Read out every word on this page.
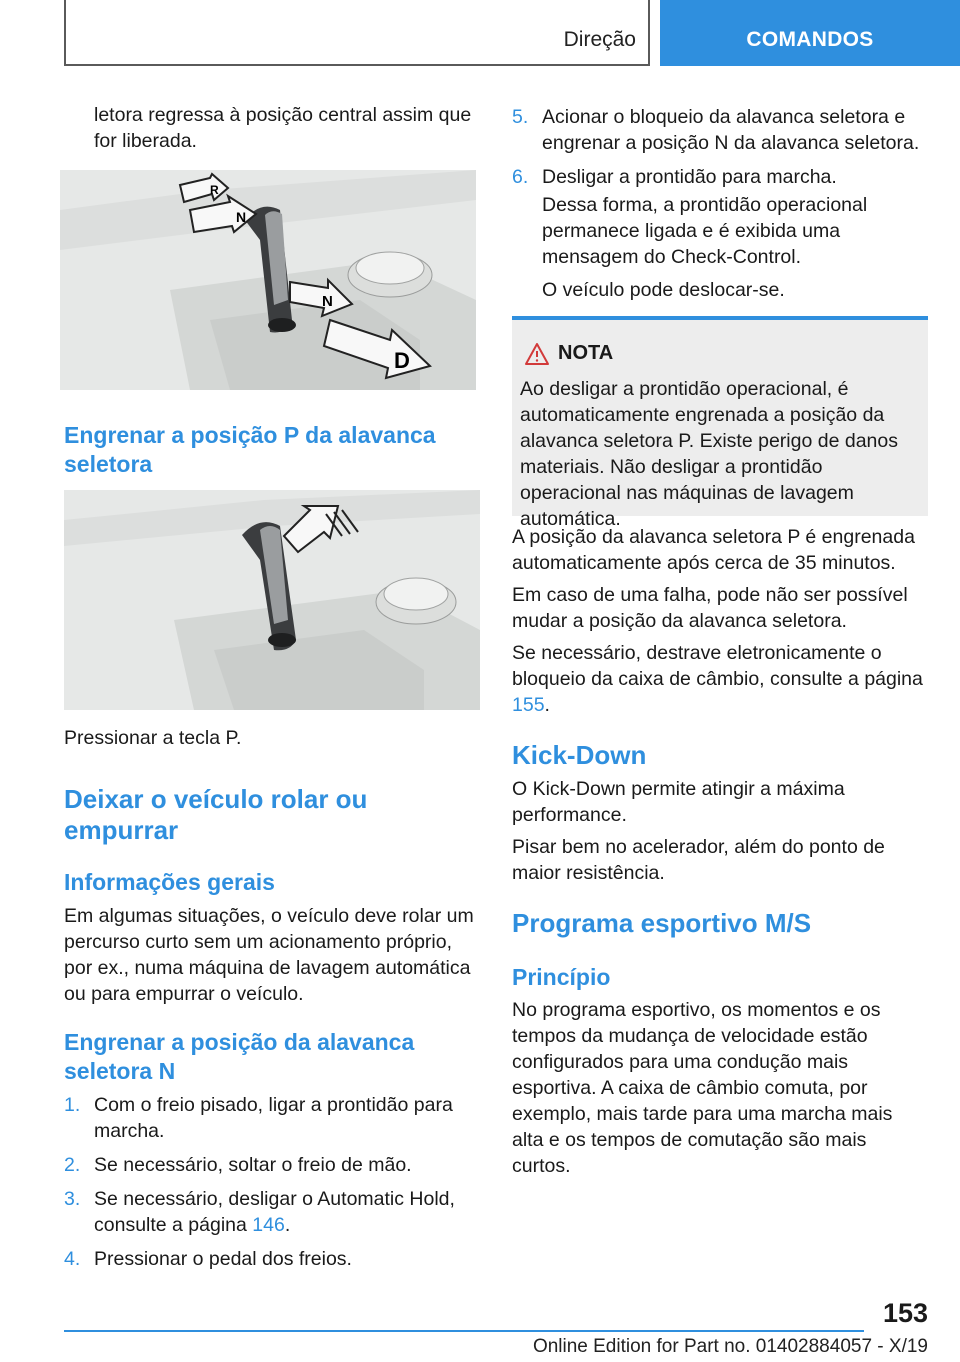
Direção	COMANDOS

letora regressa à posição central assim que for liberada.

R
N
N
D
Engrenar a posição P da alavanca seletora

Pressionar a tecla P.

Deixar o veículo rolar ou empurrar
Informações gerais

Em algumas situações, o veículo deve rolar um percurso curto sem um acionamento próprio, por ex., numa máquina de lavagem automática ou para empurrar o veículo.

Engrenar a posição da alavanca seletora N
1. Com o freio pisado, ligar a prontidão para marcha.
2. Se necessário, soltar o freio de mão.
3. Se necessário, desligar o Automatic Hold, consulte a página 146.
4. Pressionar o pedal dos freios.
5. Acionar o bloqueio da alavanca seletora e engrenar a posição N da alavanca seletora.
6. Desligar a prontidão para marcha.

Dessa forma, a prontidão operacional permanece ligada e é exibida uma mensagem do Check-Control.

O veículo pode deslocar-se.

NOTA
Ao desligar a prontidão operacional, é automaticamente engrenada a posição da alavanca seletora P. Existe perigo de danos materiais. Não desligar a prontidão operacional nas máquinas de lavagem automática.

A posição da alavanca seletora P é engrenada automaticamente após cerca de 35 minutos.

Em caso de uma falha, pode não ser possível mudar a posição da alavanca seletora.

Se necessário, destrave eletronicamente o bloqueio da caixa de câmbio, consulte a página 155.

Kick-Down

O Kick-Down permite atingir a máxima performance.

Pisar bem no acelerador, além do ponto de maior resistência.

Programa esportivo M/S
Princípio

No programa esportivo, os momentos e os tempos da mudança de velocidade estão configurados para uma condução mais esportiva. A caixa de câmbio comuta, por exemplo, mais tarde para uma marcha mais alta e os tempos de comutação são mais curtos.

153
Online Edition for Part no. 01402884057 - X/19
